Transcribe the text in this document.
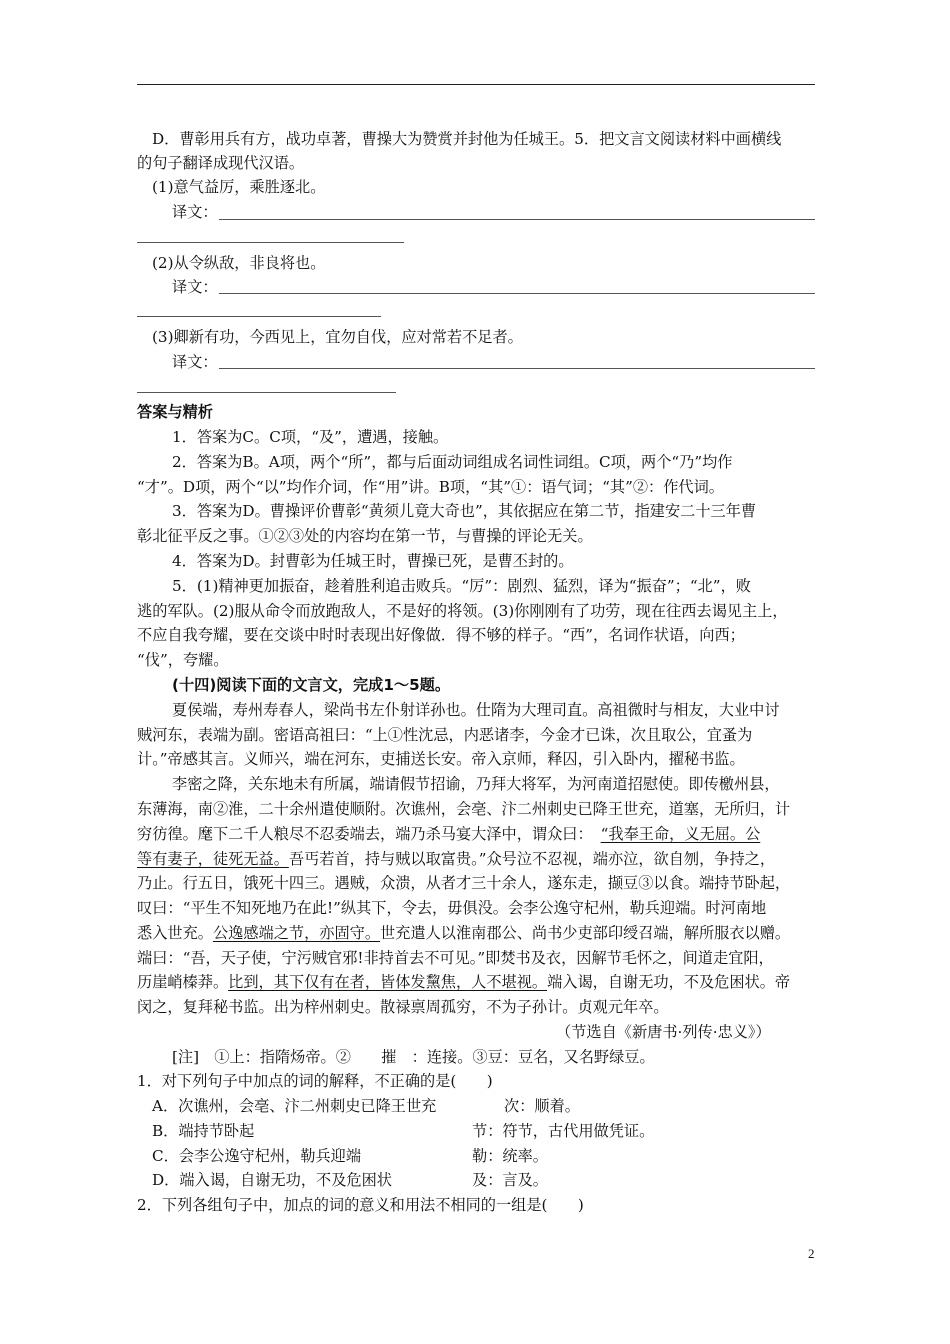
D．曹彰用兵有方，战功卓著，曹操大为赞赏并封他为任城王。5．把文言文阅读材料中画横线
的句子翻译成现代汉语。
(1)意气益厉，乘胜逐北。
译文：
(2)从令纵敌，非良将也。
译文：
(3)卿新有功，今西见上，宜勿自伐，应对常若不足者。
译文：
答案与精析
1．答案为C。C项，“及”，遭遇，接触。
2．答案为B。A项，两个“所”，都与后面动词组成名词性词组。C项，两个“乃”均作
“才”。D项，两个“以”均作介词，作“用”讲。B项，“其”①：语气词；“其”②：作代词。
3．答案为D。曹操评价曹彰“黄须儿竟大奇也”，其依据应在第二节，指建安二十三年曹
彰北征平反之事。①②③处的内容均在第一节，与曹操的评论无关。
4．答案为D。封曹彰为任城王时，曹操已死，是曹丕封的。
5．(1)精神更加振奋，趁着胜利追击败兵。“厉”：剧烈、猛烈，译为“振奋”；“北”，败
逃的军队。(2)服从命令而放跑敌人，不是好的将领。(3)你刚刚有了功劳，现在往西去谒见主上，
不应自我夸耀，要在交谈中时时表现出好像做．得不够的样子。“西”，名词作状语，向西；
“伐”，夸耀。
(十四)阅读下面的文言文，完成1～5题。
夏侯端，寿州寿春人，梁尚书左仆射详孙也。仕隋为大理司直。高祖微时与相友，大业中讨
贼河东，表端为副。密语高祖曰：“上①性沈忌，内恶诸李，今金才已诛，次且取公，宜蚤为
计。”帝感其言。义师兴，端在河东，吏捕送长安。帝入京师，释囚，引入卧内，擢秘书监。
李密之降，关东地未有所属，端请假节招谕，乃拜大将军，为河南道招慰使。即传檄州县，
东薄海，南②淮，二十余州遣使顺附。次谯州，会亳、汴二州刺史已降王世充，道塞，无所归，计
穷彷徨。麾下二千人粮尽不忍委端去，端乃杀马宴大泽中，谓众曰： “我奉王命，义无屈。公
等有妻子，徒死无益。吾丐若首，持与贼以取富贵。”众号泣不忍视，端亦泣，欲自刎，争持之，
乃止。行五日，饿死十四三。遇贼，众溃，从者才三十余人，遂东走，撷豆③以食。端持节卧起，
叹曰：“平生不知死地乃在此!”纵其下，令去，毋俱没。会李公逸守杞州，勒兵迎端。时河南地
悉入世充。公逸感端之节，亦固守。世充遣人以淮南郡公、尚书少吏部印绶召端，解所服衣以赠。
端曰：“吾，天子使，宁污贼官邪!非持首去不可见。”即焚书及衣，因解节毛怀之，间道走宜阳，
历崖峭榛莽。比到，其下仅有在者，皆体发黧焦，人不堪视。端入谒，自谢无功，不及危困状。帝
闵之，复拜秘书监。出为梓州刺史。散禄禀周孤穷，不为子孙计。贞观元年卒。
（节选自《新唐书·列传·忠义》）
[注]　①上：指隋炀帝。②　　摧　：连接。③豆：豆名，又名野绿豆。
1．对下列句子中加点的词的解释，不正确的是(　　)
A．次谯州，会亳、汴二州刺史已降王世充	次：顺着。
B．端持节卧起	节：符节，古代用做凭证。
C．会李公逸守杞州，勒兵迎端	勒：统率。
D．端入谒，自谢无功，不及危困状	及：言及。
2．下列各组句子中，加点的词的意义和用法不相同的一组是(　　)
2
